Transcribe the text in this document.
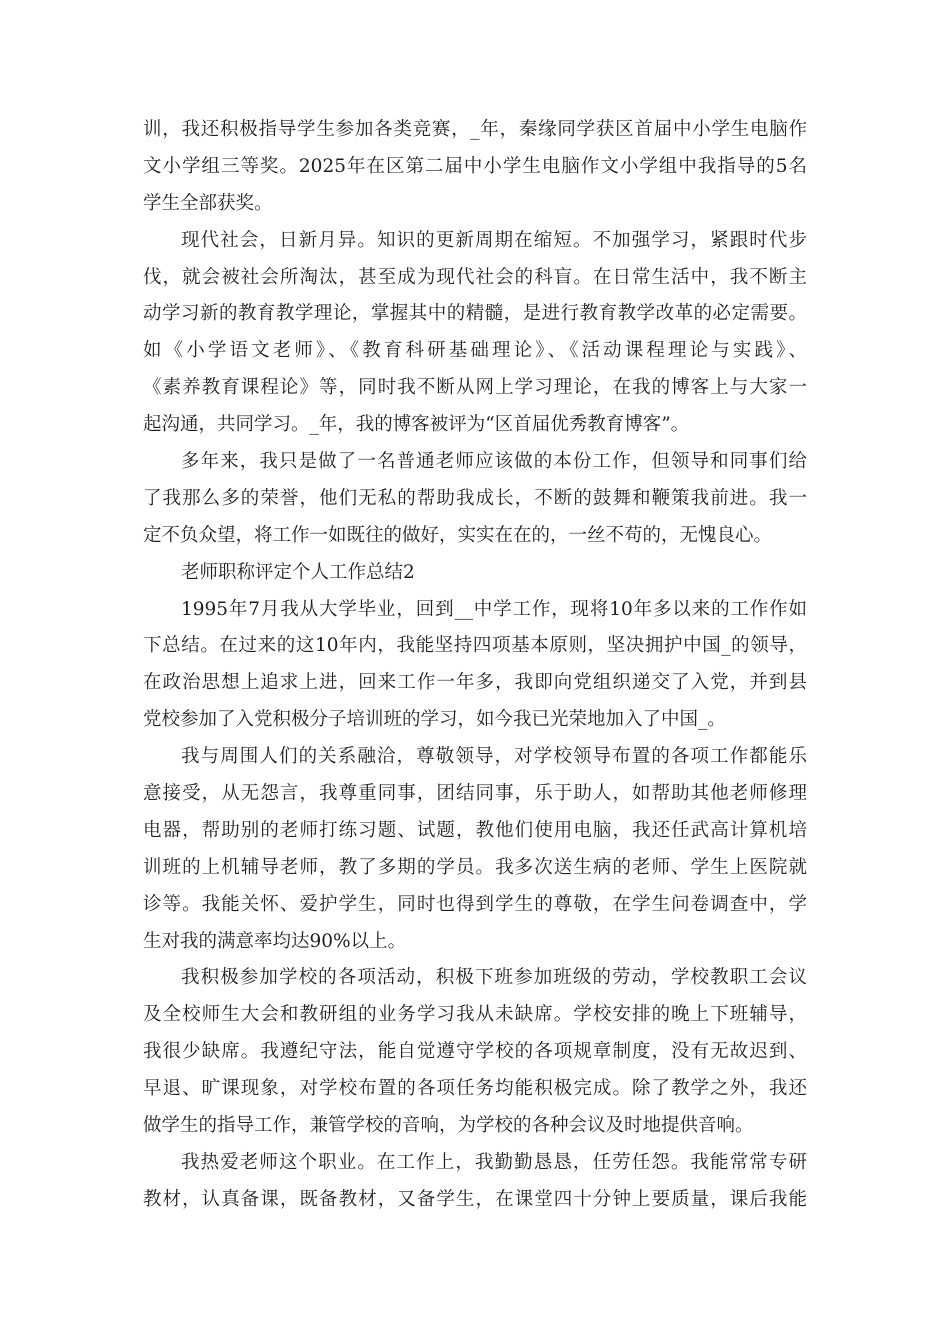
训，我还积极指导学生参加各类竞赛，_年，秦缘同学获区首届中小学生电脑作
文小学组三等奖。2025年在区第二届中小学生电脑作文小学组中我指导的5名
学生全部获奖。
现代社会，日新月异。知识的更新周期在缩短。不加强学习，紧跟时代步
伐，就会被社会所淘汰，甚至成为现代社会的科盲。在日常生活中，我不断主
动学习新的教育教学理论，掌握其中的精髓，是进行教育教学改革的必定需要。
如《小学语文老师》、《教育科研基础理论》、《活动课程理论与实践》、
《素养教育课程论》等，同时我不断从网上学习理论，在我的博客上与大家一
起沟通，共同学习。_年，我的博客被评为“区首届优秀教育博客”。
多年来，我只是做了一名普通老师应该做的本份工作，但领导和同事们给
了我那么多的荣誉，他们无私的帮助我成长，不断的鼓舞和鞭策我前进。我一
定不负众望，将工作一如既往的做好，实实在在的，一丝不苟的，无愧良心。
老师职称评定个人工作总结2
1995年7月我从大学毕业，回到__中学工作，现将10年多以来的工作作如
下总结。在过来的这10年内，我能坚持四项基本原则，坚决拥护中国_的领导，
在政治思想上追求上进，回来工作一年多，我即向党组织递交了入党，并到县
党校参加了入党积极分子培训班的学习，如今我已光荣地加入了中国_。
我与周围人们的关系融洽，尊敬领导，对学校领导布置的各项工作都能乐
意接受，从无怨言，我尊重同事，团结同事，乐于助人，如帮助其他老师修理
电器，帮助别的老师打练习题、试题，教他们使用电脑，我还任武高计算机培
训班的上机辅导老师，教了多期的学员。我多次送生病的老师、学生上医院就
诊等。我能关怀、爱护学生，同时也得到学生的尊敬，在学生问卷调查中，学
生对我的满意率均达90%以上。
我积极参加学校的各项活动，积极下班参加班级的劳动，学校教职工会议
及全校师生大会和教研组的业务学习我从未缺席。学校安排的晚上下班辅导，
我很少缺席。我遵纪守法，能自觉遵守学校的各项规章制度，没有无故迟到、
早退、旷课现象，对学校布置的各项任务均能积极完成。除了教学之外，我还
做学生的指导工作，兼管学校的音响，为学校的各种会议及时地提供音响。
我热爱老师这个职业。在工作上，我勤勤恳恳，任劳任怨。我能常常专研
教材，认真备课，既备教材，又备学生，在课堂四十分钟上要质量，课后我能
